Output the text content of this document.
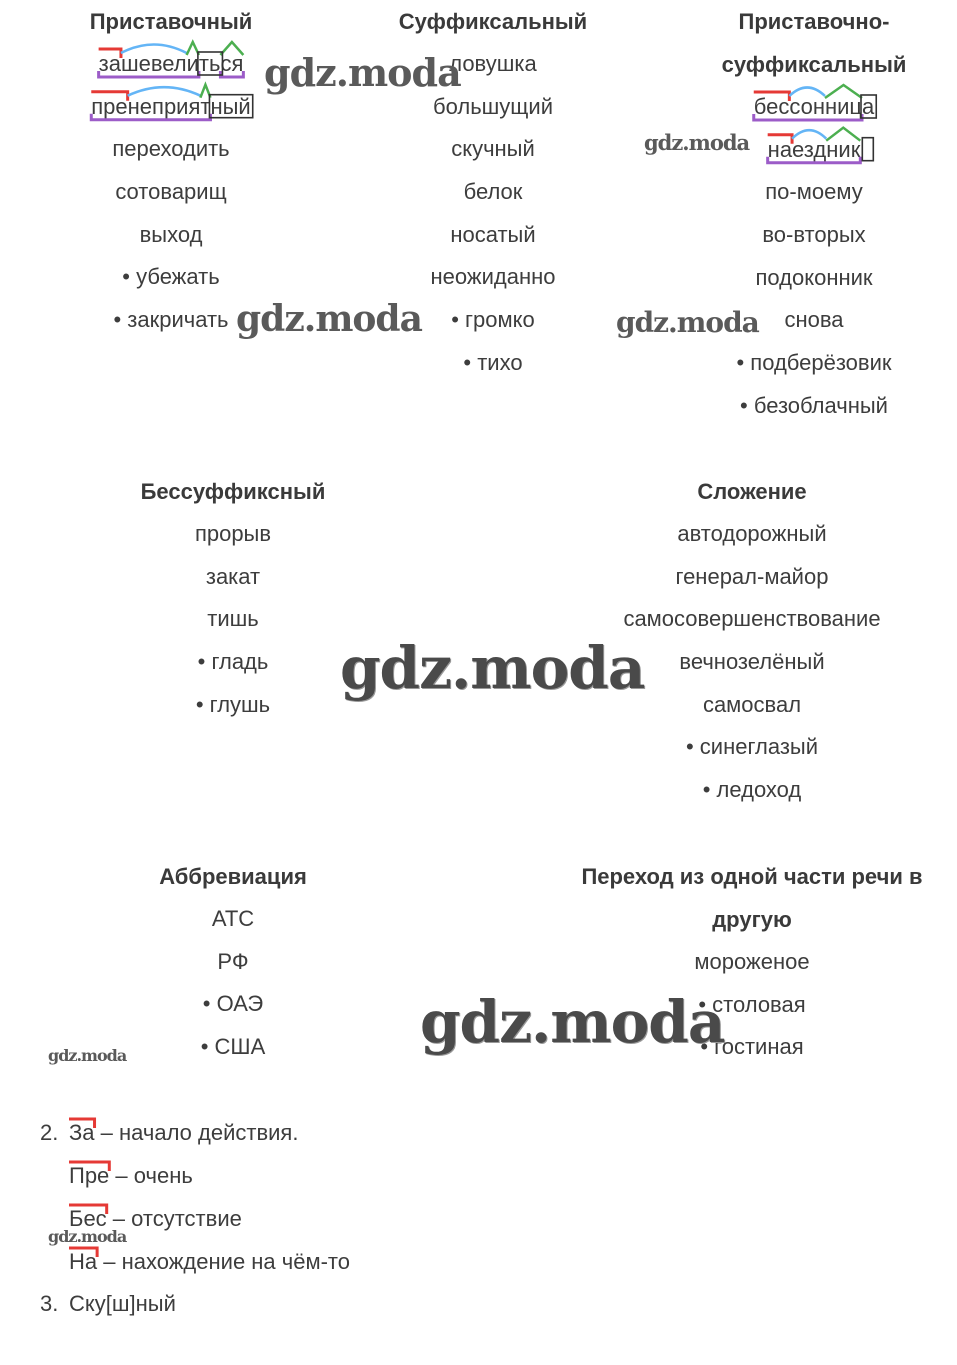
Приставочный
зашевелиться
пренеприятный
переходить
сотоварищ
выход
• убежать
• закричать
Суффиксальный
ловушка
большущий
скучный
белок
носатый
неожиданно
• громко
• тихо
Приставочно-
суффиксальный
бессонница
наездник
по-моему
во-вторых
подоконник
снова
• подберёзовик
• безоблачный
Бессуффиксный
прорыв
закат
тишь
• гладь
• глушь
Сложение
автодорожный
генерал-майор
самосовершенствование
вечнозелёный
самосвал
• синеглазый
• ледоход
Аббревиация
АТС
РФ
• ОАЭ
• США
Переход из одной части речи в
другую
мороженое
• столовая
• гостиная
2. За – начало действия.
Пре – очень
Бес – отсутствие
На – нахождение на чём-то
3. Ску[ш]ный
gdz.moda
gdz.moda
gdz.moda	gdz.moda
gdz.moda
gdz.moda
gdz.moda
gdz.moda
